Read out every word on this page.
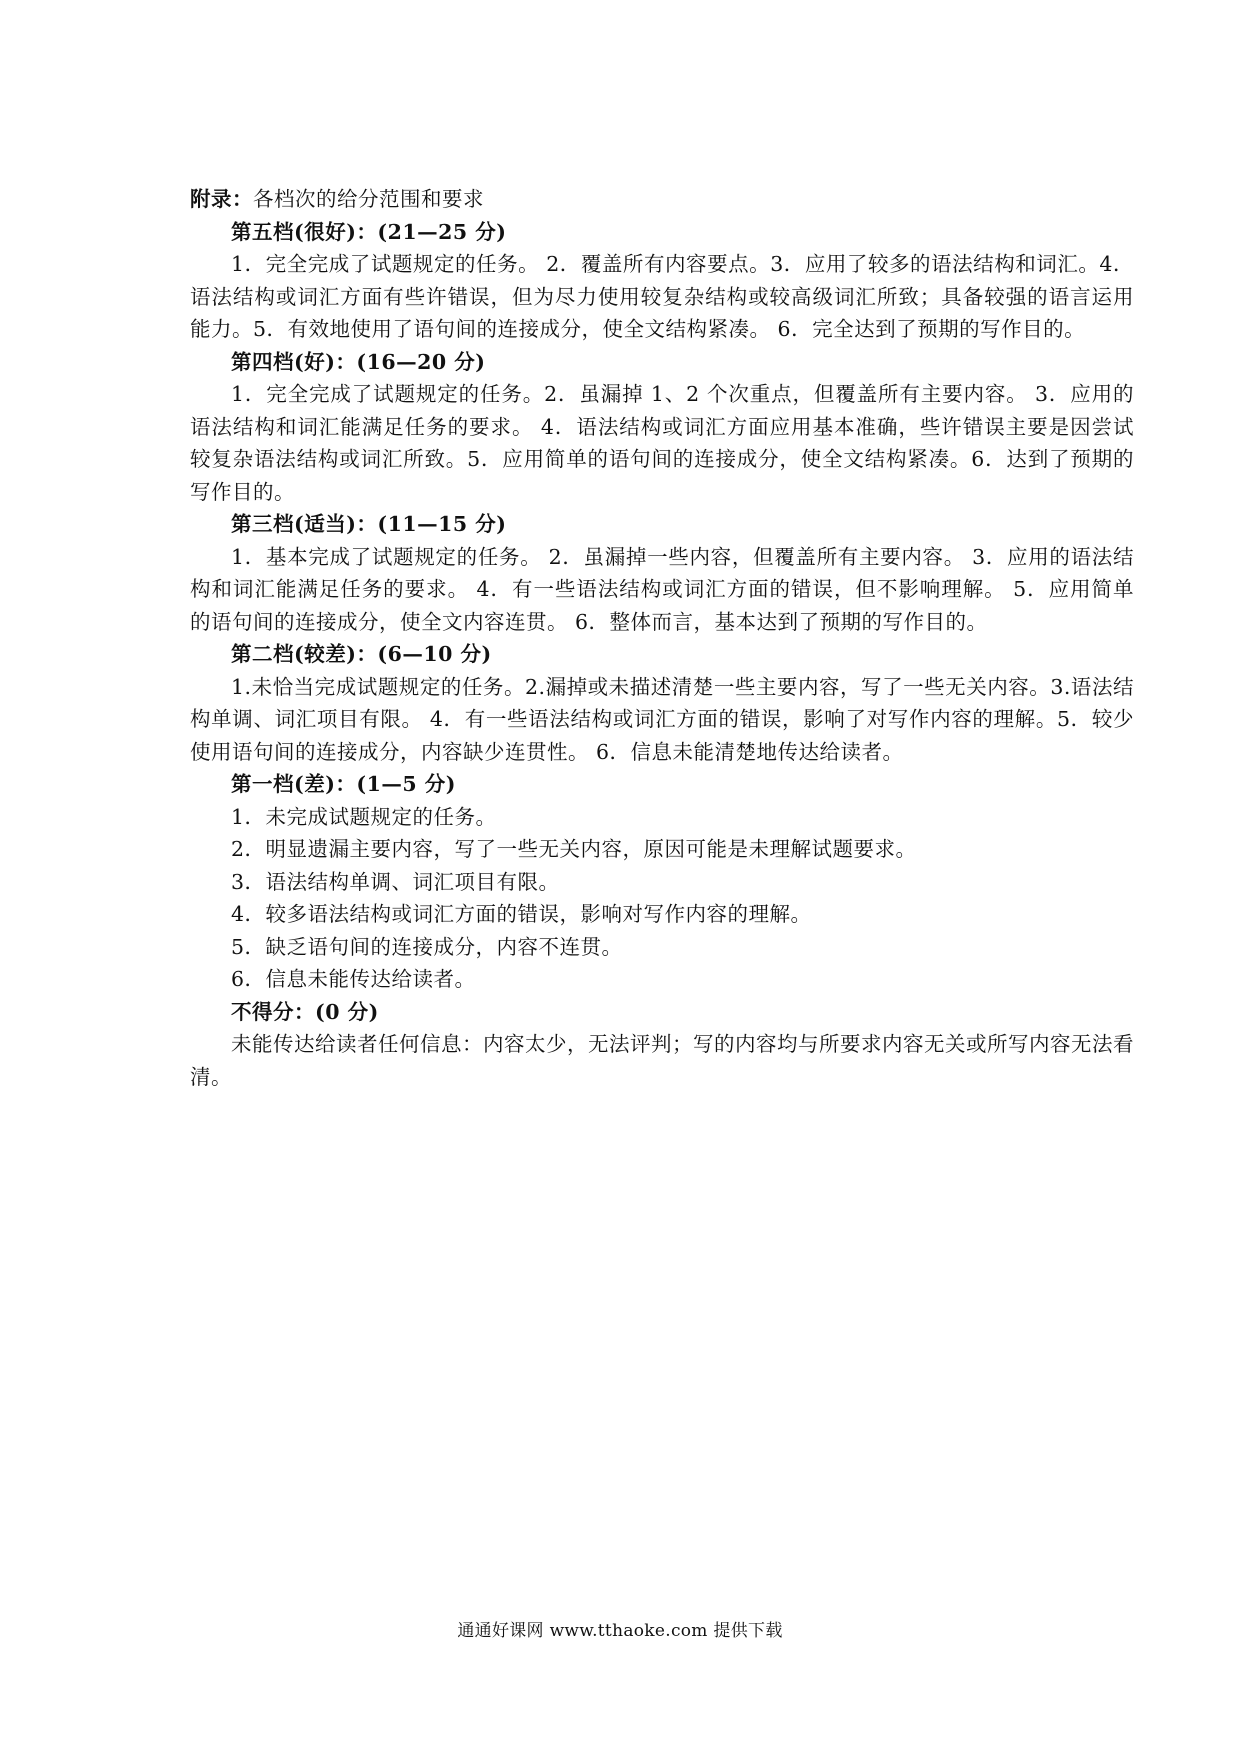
附录：各档次的给分范围和要求

第五档(很好)：(21—25 分)

1．完全完成了试题规定的任务。 2．覆盖所有内容要点。3．应用了较多的语法结构和词汇。4．语法结构或词汇方面有些许错误，但为尽力使用较复杂结构或较高级词汇所致；具备较强的语言运用能力。5．有效地使用了语句间的连接成分，使全文结构紧凑。 6．完全达到了预期的写作目的。

第四档(好)：(16—20 分)

1．完全完成了试题规定的任务。2．虽漏掉 1、2 个次重点，但覆盖所有主要内容。 3．应用的语法结构和词汇能满足任务的要求。 4．语法结构或词汇方面应用基本准确，些许错误主要是因尝试较复杂语法结构或词汇所致。5．应用简单的语句间的连接成分，使全文结构紧凑。6．达到了预期的写作目的。

第三档(适当)：(11—15 分)

1．基本完成了试题规定的任务。 2．虽漏掉一些内容，但覆盖所有主要内容。 3．应用的语法结构和词汇能满足任务的要求。 4．有一些语法结构或词汇方面的错误，但不影响理解。 5．应用简单的语句间的连接成分，使全文内容连贯。 6．整体而言，基本达到了预期的写作目的。

第二档(较差)：(6—10 分)

1.未恰当完成试题规定的任务。2.漏掉或未描述清楚一些主要内容，写了一些无关内容。3.语法结构单调、词汇项目有限。 4．有一些语法结构或词汇方面的错误，影响了对写作内容的理解。5．较少使用语句间的连接成分，内容缺少连贯性。 6．信息未能清楚地传达给读者。

第一档(差)：(1—5 分)

1．未完成试题规定的任务。

2．明显遗漏主要内容，写了一些无关内容，原因可能是未理解试题要求。

3．语法结构单调、词汇项目有限。

4．较多语法结构或词汇方面的错误，影响对写作内容的理解。

5．缺乏语句间的连接成分，内容不连贯。

6．信息未能传达给读者。

不得分：(0 分)

未能传达给读者任何信息：内容太少，无法评判；写的内容均与所要求内容无关或所写内容无法看清。

通通好课网 www.tthaoke.com 提供下载
